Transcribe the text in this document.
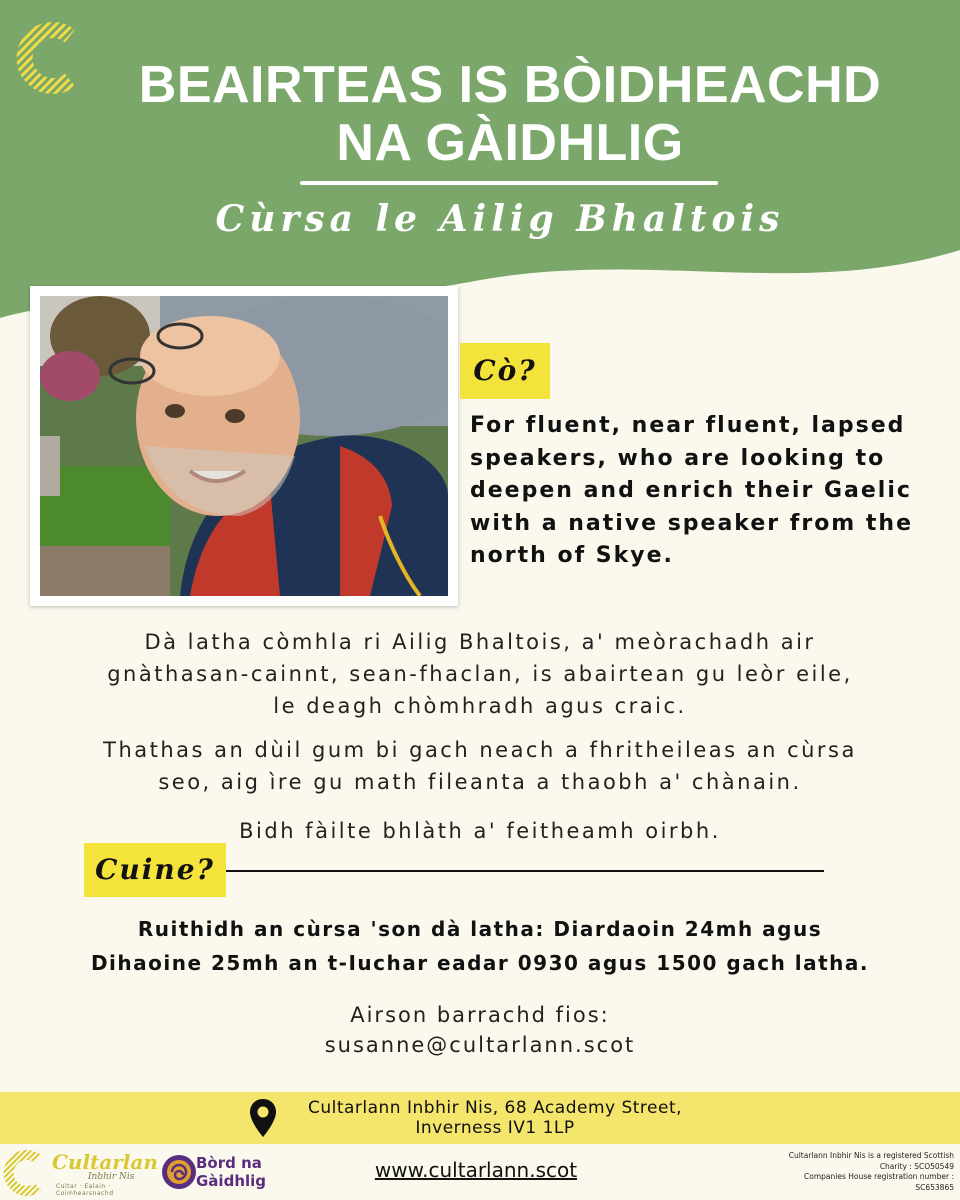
BEAIRTEAS IS BÒIDHEACHD
NA GÀIDHLIG
Cùrsa le Ailig Bhaltois
Cò?

For fluent, near fluent, lapsed speakers, who are looking to deepen and enrich their Gaelic with a native speaker from the north of Skye.

Dà latha còmhla ri Ailig Bhaltois, a' meòrachadh air
gnàthasan-cainnt, sean-fhaclan, is abairtean gu leòr eile,
le deagh chòmhradh agus craic.

Thathas an dùil gum bi gach neach a fhritheileas an cùrsa
seo, aig ìre gu math fileanta a thaobh a' chànain.

Bidh fàilte bhlàth a' feitheamh oirbh.

Cuine?

Ruithidh an cùrsa 'son dà latha: Diardaoin 24mh agus
Dihaoine 25mh an t-Iuchar eadar 0930 agus 1500 gach latha.

Airson barrachd fios:
susanne@cultarlann.scot

Cultarlann Inbhir Nis, 68 Academy Street,
Inverness IV1 1LP

Cultarlan
Inbhir Nis
Cultar · Ealain · Coimhearsnachd

Bòrd na
Gàidhlig	www.cultarlann.scot

Cultarlann Inbhir Nis is a registered Scottish
Charity : SCO50549
Companies House registration number :
SC653865
